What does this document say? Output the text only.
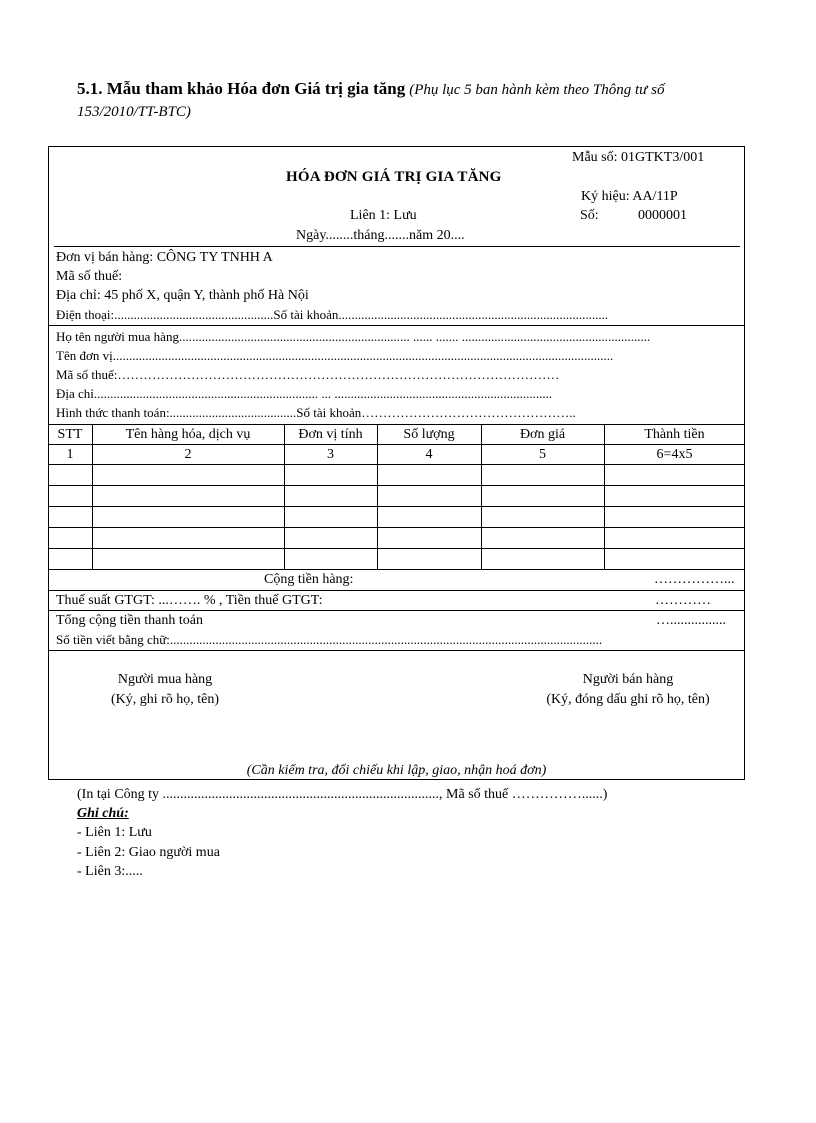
5.1. Mẫu tham khảo Hóa đơn Giá trị gia tăng (Phụ lục 5 ban hành kèm theo Thông tư số 153/2010/TT-BTC)
Mẫu số: 01GTKT3/001
HÓA ĐƠN GIÁ TRỊ GIA TĂNG
Ký hiệu: AA/11P
Liên 1: Lưu	Số:	0000001
Ngày........tháng.......năm 20....
Đơn vị bán hàng: CÔNG TY TNHH A
Mã số thuế:
Địa chỉ: 45 phố X, quận Y, thành phố Hà Nội
Điện thoại:.................................................Số tài khoản...................................................................................
Họ tên người mua hàng....................................................................... ...... ....... ..........................................................
Tên đơn vị..........................................................................................................................................................
Mã số thuế:…………………………………………………………………………………………
Địa chỉ..................................................................... ... ...................................................................
Hình thức thanh toán:.......................................Số tài khoản…………………………………………..
STT	Tên hàng hóa, dịch vụ	Đơn vị tính	Số lượng	Đơn giá	Thành tiền
1	2	3	4	5	6=4x5
Cộng tiền hàng:	……………...
Thuế suất GTGT: ...……. % , Tiền thuế GTGT:	…………
Tổng cộng tiền thanh toán	…................
Số tiền viết bằng chữ:.....................................................................................................................................
Người mua hàng
(Ký, ghi rõ họ, tên)
Người bán hàng
(Ký, đóng dấu ghi rõ họ, tên)
(Cần kiểm tra, đối chiếu khi lập, giao, nhận hoá đơn)
(In tại Công ty ..............................................................................., Mã số thuế ……………......)
Ghi chú:
- Liên 1: Lưu
- Liên 2: Giao người mua
- Liên 3:.....
